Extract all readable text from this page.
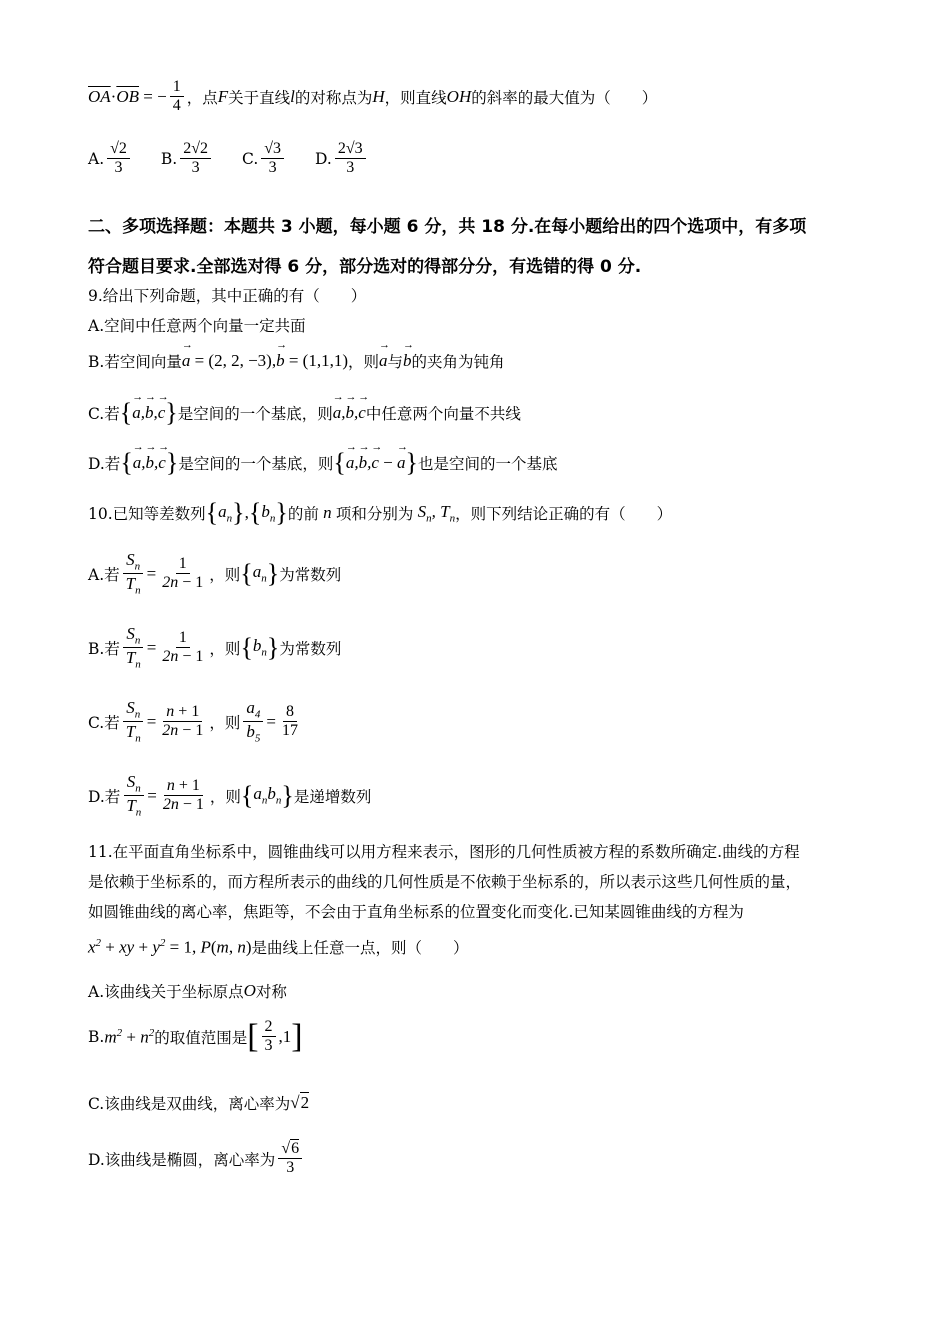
$\overline{OA} \cdot \overline{OB}$ = − $\frac{1}{4}$ ，点 F 关于直线 l 的对称点为 H ，则直线 OH 的斜率的最大值为（　　）
A. $\frac{√2}{3} B$. $\frac{2√2}{3} C$. $\frac{√3}{3} D$. $\frac{2√3}{3}$
二、多项选择题：本题共 3 小题，每小题 6 分，共 18 分.在每小题给出的四个选项中，有多项
符合题目要求.全部选对得 6 分，部分选对的得部分分，有选错的得 0 分.
9.给出下列命题，其中正确的有（　　）
A.空间中任意两个向量一定共面
B.若空间向量 → a = (2, 2, −3), → b = (1,1,1) ，则 → a 与 → b 的夹角为钝角
C.若 { → a,→ b,→ c } 是空间的一个基底，则 → a,→ b,→ c 中任意两个向量不共线
D.若 { → a,→ b,→ c } 是空间的一个基底，则 { → a,→ b,→ c − → a } 也是空间的一个基底
10.已知等差数列 { $a_n$ } , { $b_n$ } 的前 n 项和分别为 $S_n$, $T_n$ ，则下列结论正确的有（　　）
A.若 $\frac{S_n}{T_n} = \frac{1}{2n - 1}$ ，则 { $a_n$ } 为常数列
B.若 $\frac{S_n}{T_n} = \frac{1}{2n - 1}$ ，则 { $b_n$ } 为常数列
C.若 $\frac{S_n}{T_n} = \frac{n + 1}{2n - 1}$ ，则 $\frac{a_4}{b_5} = \frac{8}{17}$
D.若 $\frac{S_n}{T_n} = \frac{n + 1}{2n - 1}$ ，则 { $a_nb_n$ } 是递增数列
11.在平面直角坐标系中，圆锥曲线可以用方程来表示，图形的几何性质被方程的系数所确定.曲线的方程
是依赖于坐标系的，而方程所表示的曲线的几何性质是不依赖于坐标系的，所以表示这些几何性质的量，
如圆锥曲线的离心率，焦距等，不会由于直角坐标系的位置变化而变化.已知某圆锥曲线的方程为
$x^2$ + xy + $y^2 = 1$, P(m, n) 是曲线上任意一点，则（　　）
A.该曲线关于坐标原点 O 对称
B. $m^2 + n^2$ 的取值范围是 [ $\frac{2}{3} ,1$ ]
C.该曲线是双曲线，离心率为 √2
D.该曲线是椭圆，离心率为 $\frac{√6}{3}$
